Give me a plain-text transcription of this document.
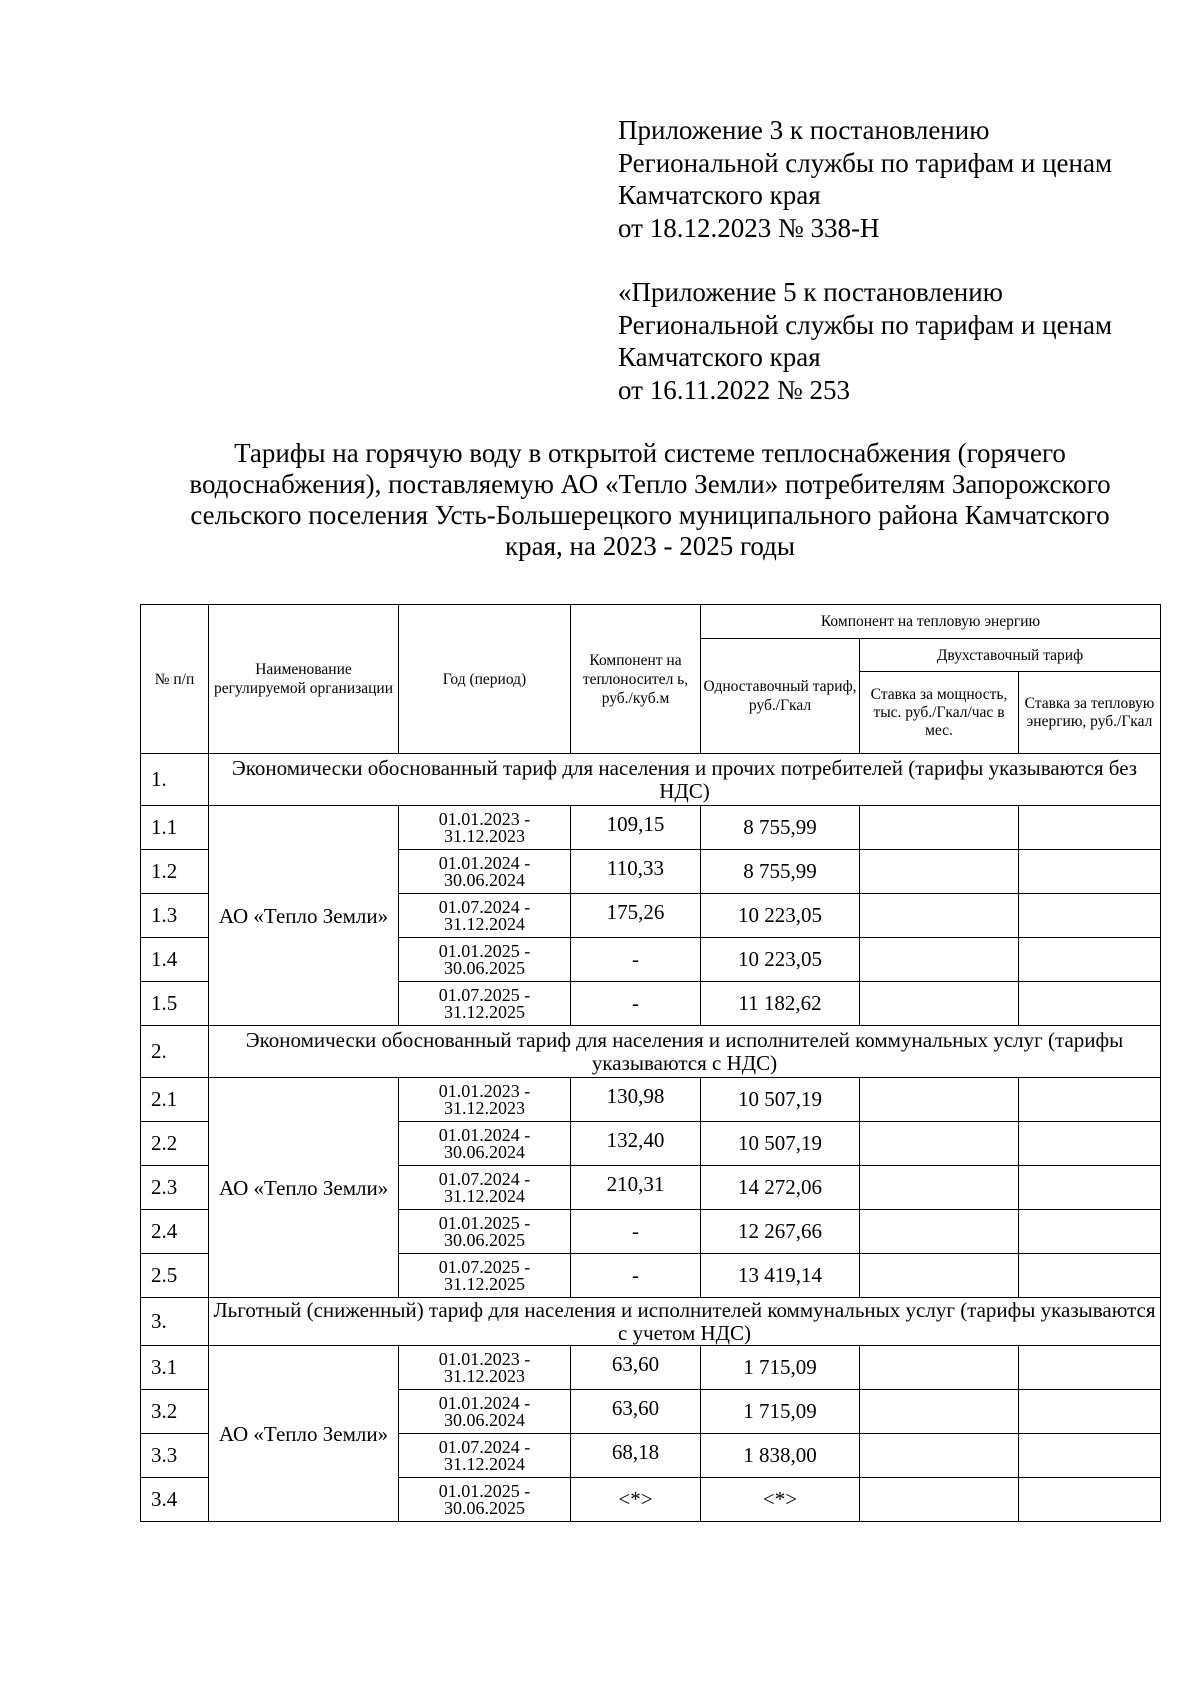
Приложение 3 к постановлению
Региональной службы по тарифам и ценам
Камчатского края
от 18.12.2023 № 338-Н
«Приложение 5 к постановлению
Региональной службы по тарифам и ценам
Камчатского края
от 16.11.2022 № 253
Тарифы на горячую воду в открытой системе теплоснабжения (горячего
водоснабжения), поставляемую АО «Тепло Земли» потребителям Запорожского
сельского поселения Усть-Большерецкого муниципального района Камчатского
края, на 2023 - 2025 годы
№ п/п	Наименование регулируемой организации	Год (период)	Компонент на теплоносител ь, руб./куб.м	Компонент на тепловую энергию		
				Одноставочный тариф, руб./Гкал	Двухставочный тариф	
					Ставка за мощность, тыс. руб./Гкал/час в мес.	Ставка за тепловую энергию, руб./Гкал
1.	Экономически обоснованный тариф для населения и прочих потребителей (тарифы указываются без НДС)					
1.1	АО «Тепло Земли»	01.01.2023 - 31.12.2023	109,15	8 755,99		
1.2		01.01.2024 - 30.06.2024	110,33	8 755,99		
1.3		01.07.2024 - 31.12.2024	175,26	10 223,05		
1.4		01.01.2025 - 30.06.2025	-	10 223,05		
1.5		01.07.2025 - 31.12.2025	-	11 182,62		
2.	Экономически обоснованный тариф для населения и исполнителей коммунальных услуг (тарифы указываются с НДС)					
2.1	АО «Тепло Земли»	01.01.2023 - 31.12.2023	130,98	10 507,19		
2.2		01.01.2024 - 30.06.2024	132,40	10 507,19		
2.3		01.07.2024 - 31.12.2024	210,31	14 272,06		
2.4		01.01.2025 - 30.06.2025	-	12 267,66		
2.5		01.07.2025 - 31.12.2025	-	13 419,14		
3.	Льготный (сниженный) тариф для населения и исполнителей коммунальных услуг (тарифы указываются с учетом НДС)					
3.1	АО «Тепло Земли»	01.01.2023 - 31.12.2023	63,60	1 715,09		
3.2		01.01.2024 - 30.06.2024	63,60	1 715,09		
3.3		01.07.2024 - 31.12.2024	68,18	1 838,00		
3.4		01.01.2025 - 30.06.2025	<*>	<*>		
